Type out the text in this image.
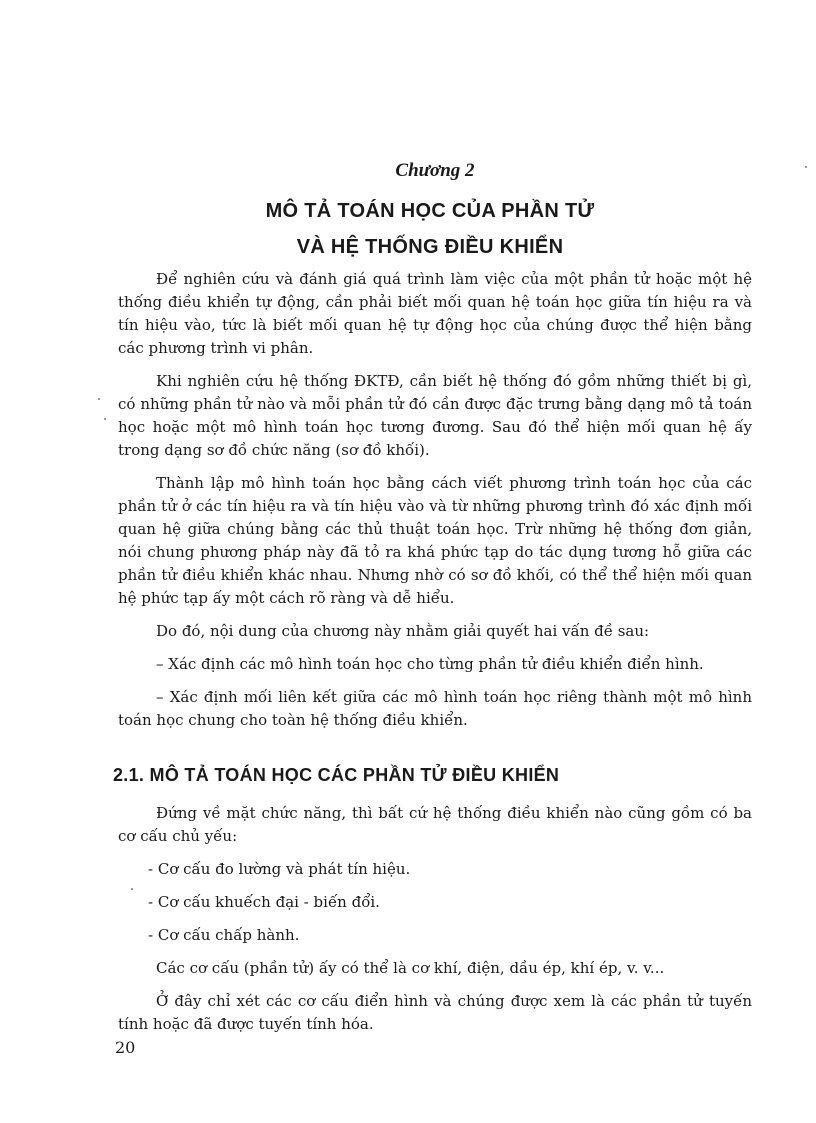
Chương 2
MÔ TẢ TOÁN HỌC CỦA PHẦN TỬ
VÀ HỆ THỐNG ĐIỀU KHIỂN

Để nghiên cứu và đánh giá quá trình làm việc của một phần tử hoặc một hệ thống điều khiển tự động, cần phải biết mối quan hệ toán học giữa tín hiệu ra và tín hiệu vào, tức là biết mối quan hệ tự động học của chúng được thể hiện bằng các phương trình vi phân.

Khi nghiên cứu hệ thống ĐKTĐ, cần biết hệ thống đó gồm những thiết bị gì, có những phần tử nào và mỗi phần tử đó cần được đặc trưng bằng dạng mô tả toán học hoặc một mô hình toán học tương đương. Sau đó thể hiện mối quan hệ ấy trong dạng sơ đồ chức năng (sơ đồ khối).

Thành lập mô hình toán học bằng cách viết phương trình toán học của các phần tử ở các tín hiệu ra và tín hiệu vào và từ những phương trình đó xác định mối quan hệ giữa chúng bằng các thủ thuật toán học. Trừ những hệ thống đơn giản, nói chung phương pháp này đã tỏ ra khá phức tạp do tác dụng tương hỗ giữa các phần tử điều khiển khác nhau. Nhưng nhờ có sơ đồ khối, có thể thể hiện mối quan hệ phức tạp ấy một cách rõ ràng và dễ hiểu.

Do đó, nội dung của chương này nhằm giải quyết hai vấn đề sau:

– Xác định các mô hình toán học cho từng phần tử điều khiển điển hình.

– Xác định mối liên kết giữa các mô hình toán học riêng thành một mô hình toán học chung cho toàn hệ thống điều khiển.

2.1. MÔ TẢ TOÁN HỌC CÁC PHẦN TỬ ĐIỀU KHIỂN

Đứng về mặt chức năng, thì bất cứ hệ thống điều khiển nào cũng gồm có ba cơ cấu chủ yếu:

- Cơ cấu đo lường và phát tín hiệu.

- Cơ cấu khuếch đại - biến đổi.

- Cơ cấu chấp hành.

Các cơ cấu (phần tử) ấy có thể là cơ khí, điện, dầu ép, khí ép, v. v...

Ở đây chỉ xét các cơ cấu điển hình và chúng được xem là các phần tử tuyến tính hoặc đã được tuyến tính hóa.

20
